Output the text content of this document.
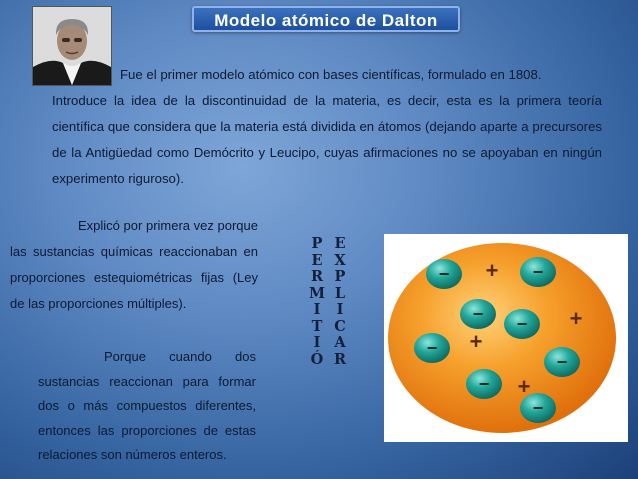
Modelo atómico de Dalton

Fue el primer modelo atómico con bases científicas, formulado en 1808.
Introduce la idea de la discontinuidad de la materia, es decir, esta es la primera teoría científica que considera que la materia está dividida en átomos (dejando aparte a precursores de la Antigüedad como Demócrito y Leucipo, cuyas afirmaciones no se apoyaban en ningún experimento riguroso).

Explicó por primera vez porque las sustancias químicas reaccionaban en proporciones estequiométricas fijas (Ley de las proporciones múltiples).

Porque cuando dos sustancias reaccionan para formar dos o más compuestos diferentes, entonces las proporciones de estas relaciones son números enteros.

P
E
R
M
I
T
I
Ó
E
X
P
L
I
C
A
R
−	−
− −
−
−
−
−
+
+
+
+
